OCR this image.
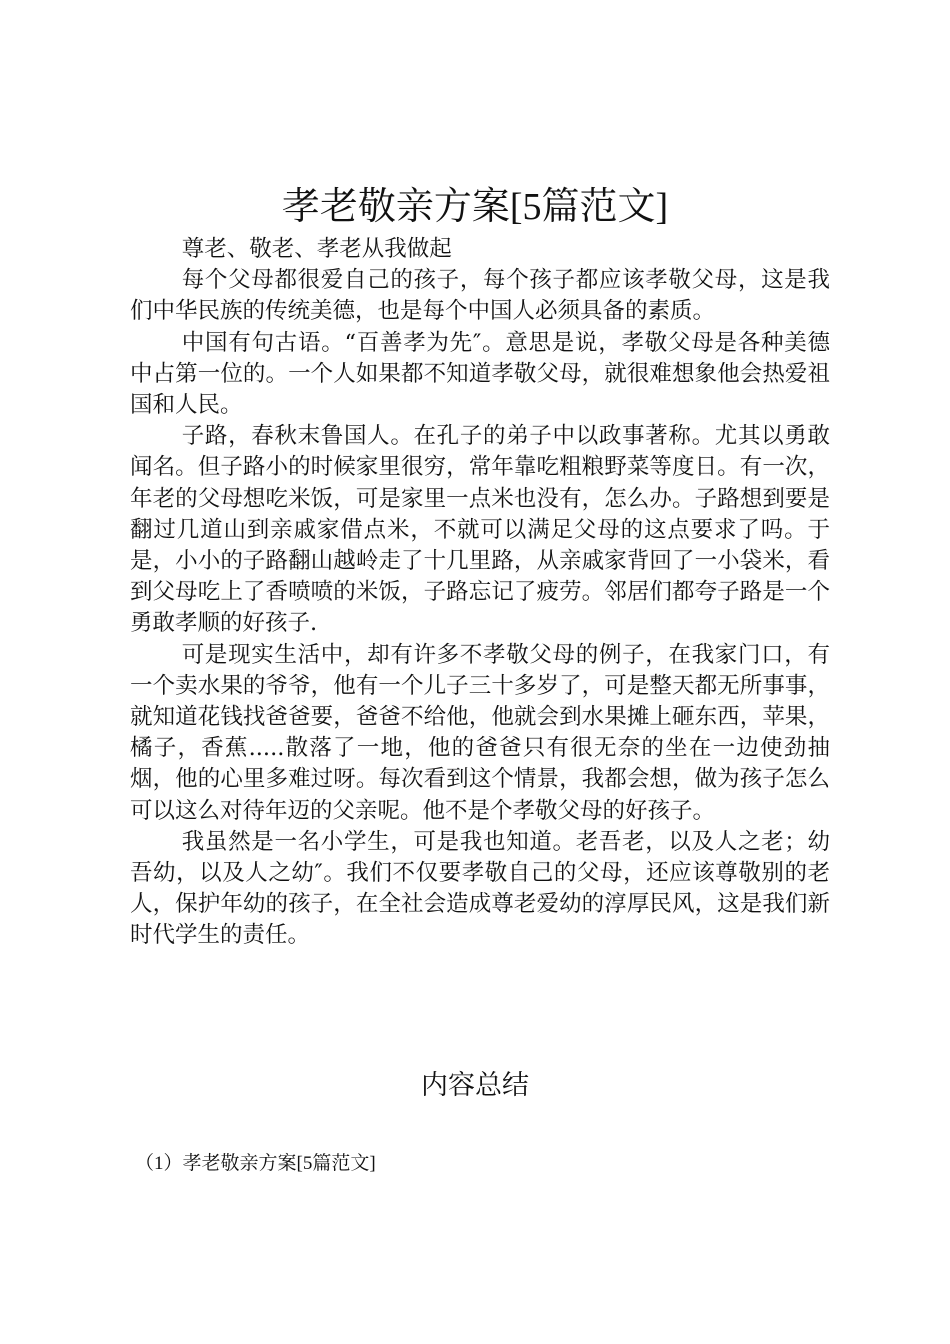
孝老敬亲方案[5篇范文]

尊老、敬老、孝老从我做起

每个父母都很爱自己的孩子，每个孩子都应该孝敬父母，这是我们中华民族的传统美德，也是每个中国人必须具备的素质。

中国有句古语。“百善孝为先″。意思是说，孝敬父母是各种美德中占第一位的。一个人如果都不知道孝敬父母，就很难想象他会热爱祖国和人民。

子路，春秋末鲁国人。在孔子的弟子中以政事著称。尤其以勇敢闻名。但子路小的时候家里很穷，常年靠吃粗粮野菜等度日。有一次，年老的父母想吃米饭，可是家里一点米也没有，怎么办。子路想到要是翻过几道山到亲戚家借点米，不就可以满足父母的这点要求了吗。于是，小小的子路翻山越岭走了十几里路，从亲戚家背回了一小袋米，看到父母吃上了香喷喷的米饭，子路忘记了疲劳。邻居们都夸子路是一个勇敢孝顺的好孩子.

可是现实生活中，却有许多不孝敬父母的例子，在我家门口，有一个卖水果的爷爷，他有一个儿子三十多岁了，可是整天都无所事事，就知道花钱找爸爸要，爸爸不给他，他就会到水果摊上砸东西，苹果，橘子，香蕉.....散落了一地，他的爸爸只有很无奈的坐在一边使劲抽烟，他的心里多难过呀。每次看到这个情景，我都会想，做为孩子怎么可以这么对待年迈的父亲呢。他不是个孝敬父母的好孩子。

我虽然是一名小学生，可是我也知道。老吾老，以及人之老；幼吾幼，以及人之幼″。我们不仅要孝敬自己的父母，还应该尊敬别的老人，保护年幼的孩子，在全社会造成尊老爱幼的淳厚民风，这是我们新时代学生的责任。

内容总结
（1）孝老敬亲方案[5篇范文]
